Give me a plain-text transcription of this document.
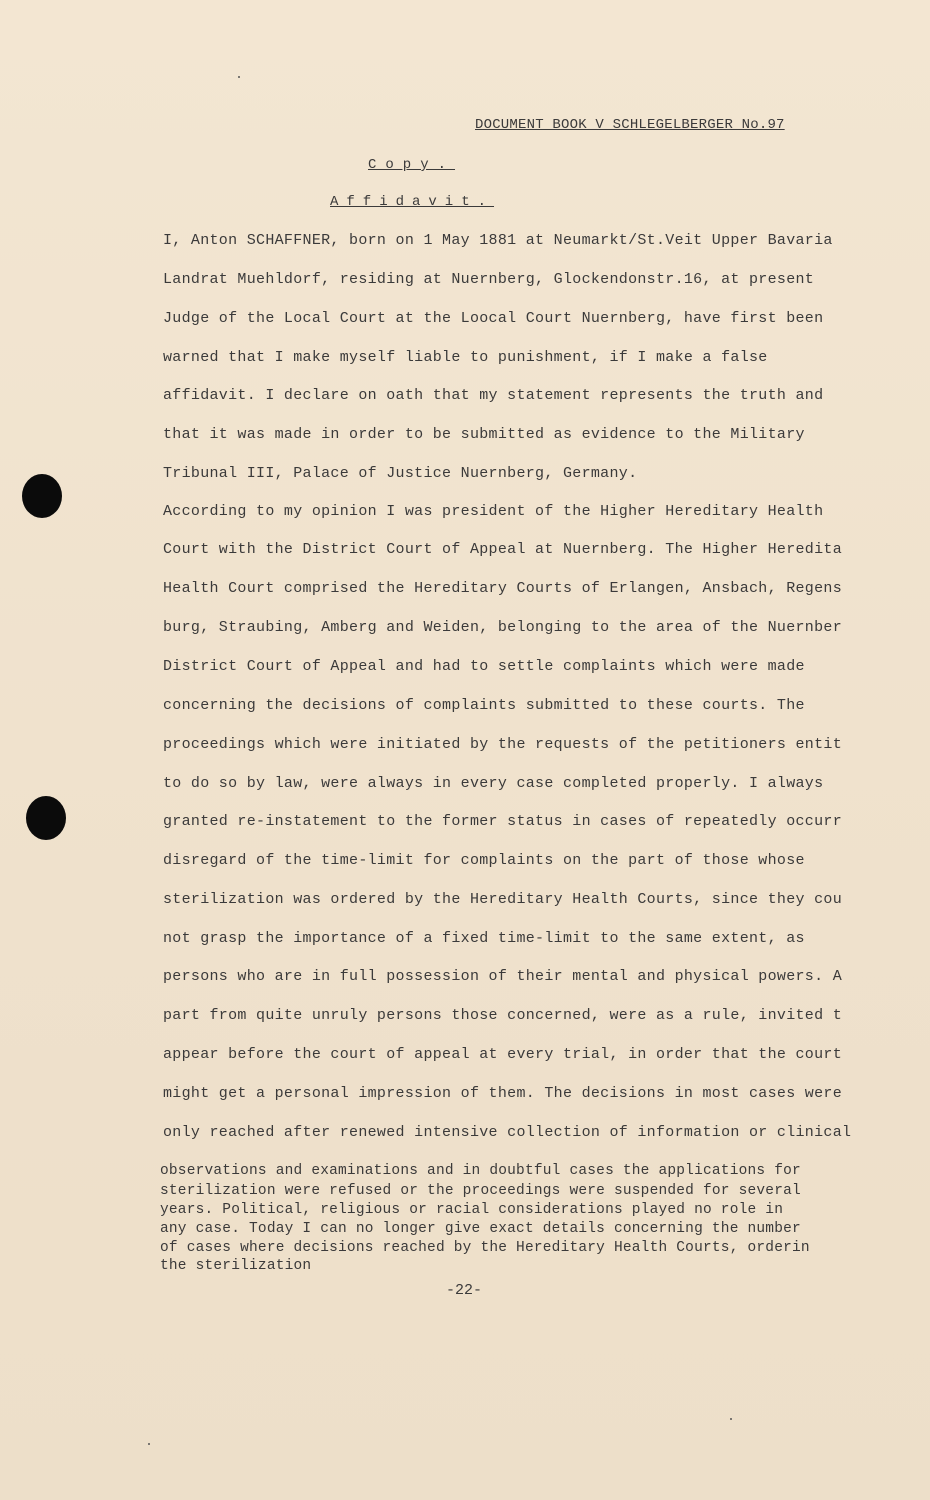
DOCUMENT BOOK V SCHLEGELBERGER No.97
Copy.
Affidavit.
I, Anton SCHAFFNER, born on 1 May 1881 at Neumarkt/St.Veit Upper Bavaria
Landrat Muehldorf, residing at Nuernberg, Glockendonstr.16, at present
Judge of the Local Court at the Loocal Court Nuernberg, have first been
warned that I make myself liable to punishment, if I make a false
affidavit. I declare on oath that my statement represents the truth and
that it was made in order to be submitted as evidence to the Military
Tribunal III, Palace of Justice Nuernberg, Germany.
According to my opinion I was president of the Higher Hereditary Health
Court with the District Court of Appeal at Nuernberg. The Higher Heredita
Health Court comprised the Hereditary Courts of Erlangen, Ansbach, Regens
burg, Straubing, Amberg and Weiden, belonging to the area of the Nuernber
District Court of Appeal and had to settle complaints which were made
concerning the decisions of complaints submitted to these courts. The
proceedings which were initiated by the requests of the petitioners entit
to do so by law, were always in every case completed properly. I always
granted re-instatement to the former status in cases of repeatedly occurr
disregard of the time-limit for complaints on the part of those whose
sterilization was ordered by the Hereditary Health Courts, since they cou
not grasp the importance of a fixed time-limit to the same extent, as
persons who are in full possession of their mental and physical powers. A
part from quite unruly persons those concerned, were as a rule, invited t
appear before the court of appeal at every trial, in order that the court
might get a personal impression of them. The decisions in most cases were
only reached after renewed intensive collection of information or clinical
observations and examinations and in doubtful cases the applications for
sterilization were refused or the proceedings were suspended for several
years. Political, religious or racial considerations played no role in
any case. Today I can no longer give exact details concerning the number
of cases where decisions reached by the Hereditary Health Courts, orderin
the sterilization
-22-
